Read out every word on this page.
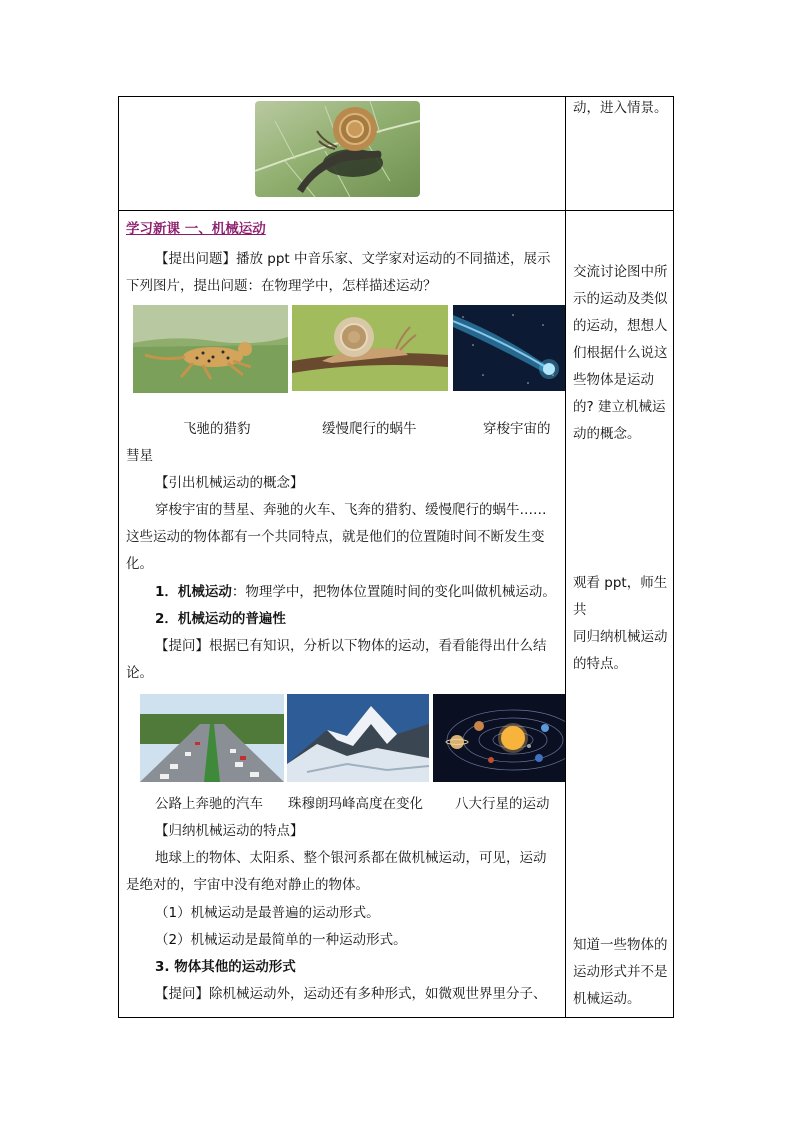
动，进入情景。
学习新课 一、机械运动
【提出问题】播放 ppt 中音乐家、文学家对运动的不同描述，展示
下列图片，提出问题：在物理学中，怎样描述运动？
飞驰的猎豹	缓慢爬行的蜗牛	穿梭宇宙的
彗星
【引出机械运动的概念】
穿梭宇宙的彗星、奔驰的火车、飞奔的猎豹、缓慢爬行的蜗牛……
这些运动的物体都有一个共同特点，就是他们的位置随时间不断发生变
化。
1．机械运动：物理学中，把物体位置随时间的变化叫做机械运动。
2．机械运动的普遍性
【提问】根据已有知识，分析以下物体的运动，看看能得出什么结
论。
公路上奔驰的汽车 珠穆朗玛峰高度在变化 八大行星的运动
【归纳机械运动的特点】
地球上的物体、太阳系、整个银河系都在做机械运动，可见，运动
是绝对的，宇宙中没有绝对静止的物体。
（1）机械运动是最普遍的运动形式。
（2）机械运动是最简单的一种运动形式。
3. 物体其他的运动形式
【提问】除机械运动外，运动还有多种形式，如微观世界里分子、
交流讨论图中所
示的运动及类似
的运动，想想人
们根据什么说这
些物体是运动
的? 建立机械运
动的概念。
观看 ppt，师生共
同归纳机械运动
的特点。
知道一些物体的
运动形式并不是
机械运动。
